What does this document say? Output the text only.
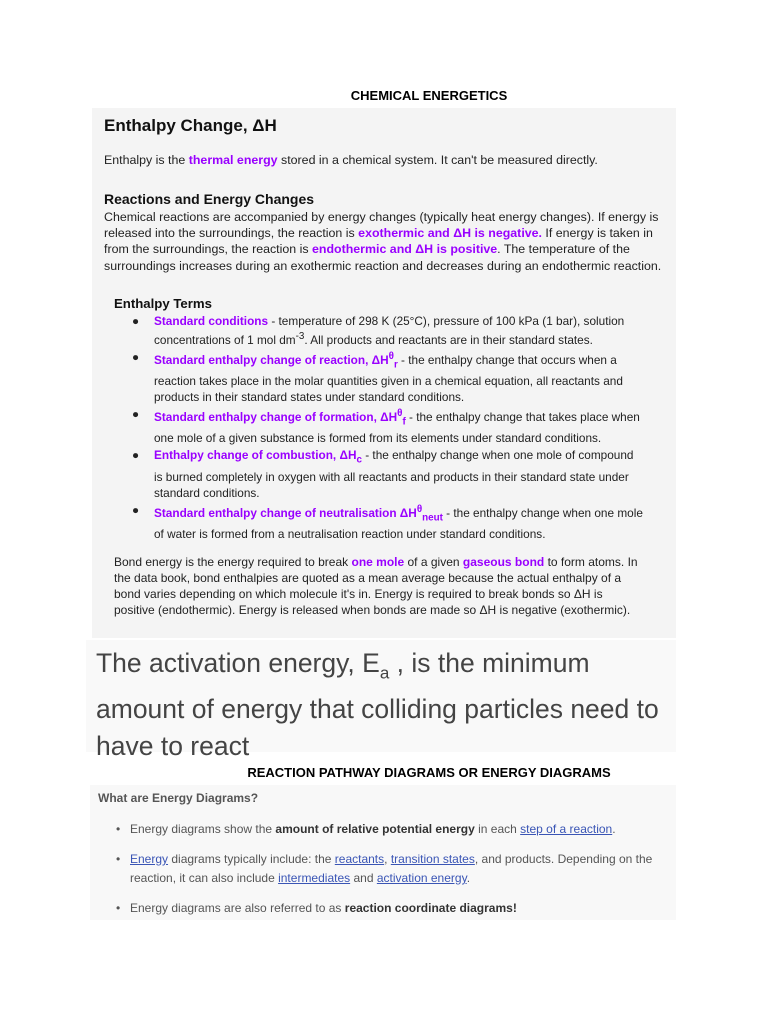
CHEMICAL ENERGETICS
Enthalpy Change, ΔH
Enthalpy is the thermal energy stored in a chemical system. It can't be measured directly.
Reactions and Energy Changes
Chemical reactions are accompanied by energy changes (typically heat energy changes). If energy is released into the surroundings, the reaction is exothermic and ΔH is negative. If energy is taken in from the surroundings, the reaction is endothermic and ΔH is positive. The temperature of the surroundings increases during an exothermic reaction and decreases during an endothermic reaction.
Enthalpy Terms
● Standard conditions - temperature of 298 K (25°C), pressure of 100 kPa (1 bar), solution concentrations of 1 mol $dm^{-3}$. All products and reactants are in their standard states.
● Standard enthalpy change of reaction, $\Delta H^\theta_r$ - the enthalpy change that occurs when a reaction takes place in the molar quantities given in a chemical equation, all reactants and products in their standard states under standard conditions.
● Standard enthalpy change of formation, $\Delta H^\theta_f$ - the enthalpy change that takes place when one mole of a given substance is formed from its elements under standard conditions.
● Enthalpy change of combustion, $\Delta H_c$ - the enthalpy change when one mole of compound is burned completely in oxygen with all reactants and products in their standard state under standard conditions.
● Standard enthalpy change of neutralisation $\Delta H^\theta_{neut}$ - the enthalpy change when one mole of water is formed from a neutralisation reaction under standard conditions.
Bond energy is the energy required to break one mole of a given gaseous bond to form atoms. In the data book, bond enthalpies are quoted as a mean average because the actual enthalpy of a bond varies depending on which molecule it's in. Energy is required to break bonds so ΔH is positive (endothermic). Energy is released when bonds are made so ΔH is negative (exothermic).
The activation energy, $E_a$ , is the minimum amount of energy that colliding particles need to have to react
REACTION PATHWAY DIAGRAMS OR ENERGY DIAGRAMS
What are Energy Diagrams?
• Energy diagrams show the amount of relative potential energy in each step of a reaction.
• Energy diagrams typically include: the reactants, transition states, and products. Depending on the reaction, it can also include intermediates and activation energy.
• Energy diagrams are also referred to as reaction coordinate diagrams!
